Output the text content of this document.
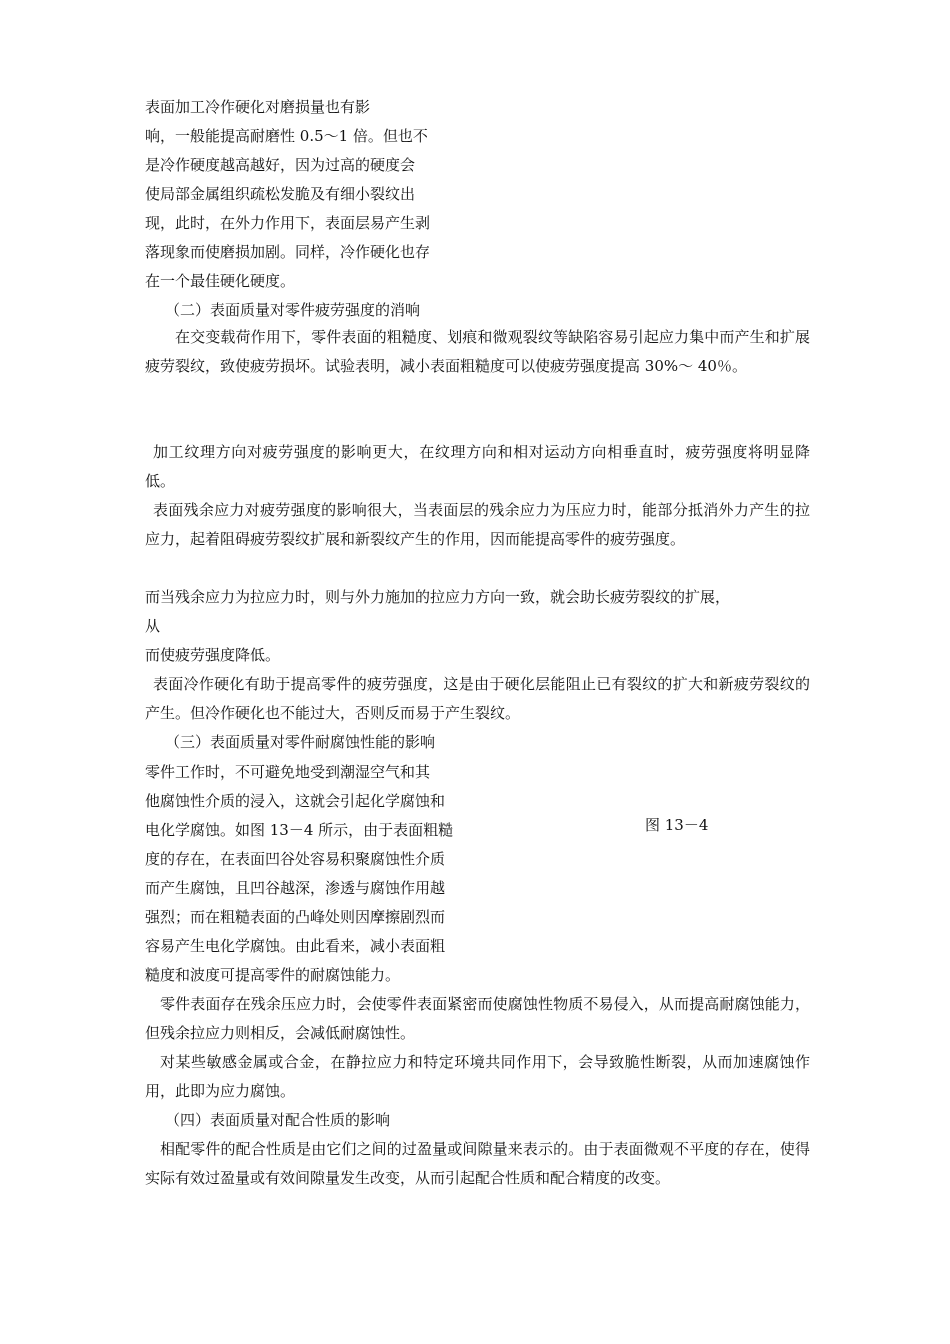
表面加工冷作硬化对磨损量也有影
响，一般能提高耐磨性 0.5～1 倍。但也不
是冷作硬度越高越好，因为过高的硬度会
使局部金属组织疏松发脆及有细小裂纹出
现，此时，在外力作用下，表面层易产生剥
落现象而使磨损加剧。同样，冷作硬化也存
在一个最佳硬化硬度。
（二）表面质量对零件疲劳强度的消响
在交变载荷作用下，零件表面的粗糙度、划痕和微观裂纹等缺陷容易引起应力集中而产生和扩展疲劳裂纹，致使疲劳损坏。试验表明，减小表面粗糙度可以使疲劳强度提高 30%～ 40％。
加工纹理方向对疲劳强度的影响更大，在纹理方向和相对运动方向相垂直时，疲劳强度将明显降低。
表面残余应力对疲劳强度的影响很大，当表面层的残余应力为压应力时，能部分抵消外力产生的拉应力，起着阻碍疲劳裂纹扩展和新裂纹产生的作用，因而能提高零件的疲劳强度。
而当残余应力为拉应力时，则与外力施加的拉应力方向一致，就会助长疲劳裂纹的扩展，
从
而使疲劳强度降低。
表面冷作硬化有助于提高零件的疲劳强度，这是由于硬化层能阻止已有裂纹的扩大和新疲劳裂纹的产生。但冷作硬化也不能过大，否则反而易于产生裂纹。
（三）表面质量对零件耐腐蚀性能的影响
零件工作时，不可避免地受到潮湿空气和其
他腐蚀性介质的浸入，这就会引起化学腐蚀和
电化学腐蚀。如图 13－4 所示，由于表面粗糙
度的存在，在表面凹谷处容易积聚腐蚀性介质
而产生腐蚀，且凹谷越深，渗透与腐蚀作用越
强烈；而在粗糙表面的凸峰处则因摩擦剧烈而
容易产生电化学腐蚀。由此看来，减小表面粗
糙度和波度可提高零件的耐腐蚀能力。
图 13－4
零件表面存在残余压应力时，会使零件表面紧密而使腐蚀性物质不易侵入，从而提高耐腐蚀能力，但残余拉应力则相反，会减低耐腐蚀性。
对某些敏感金属或合金，在静拉应力和特定环境共同作用下，会导致脆性断裂，从而加速腐蚀作用，此即为应力腐蚀。
（四）表面质量对配合性质的影响
相配零件的配合性质是由它们之间的过盈量或间隙量来表示的。由于表面微观不平度的存在，使得实际有效过盈量或有效间隙量发生改变，从而引起配合性质和配合精度的改变。
